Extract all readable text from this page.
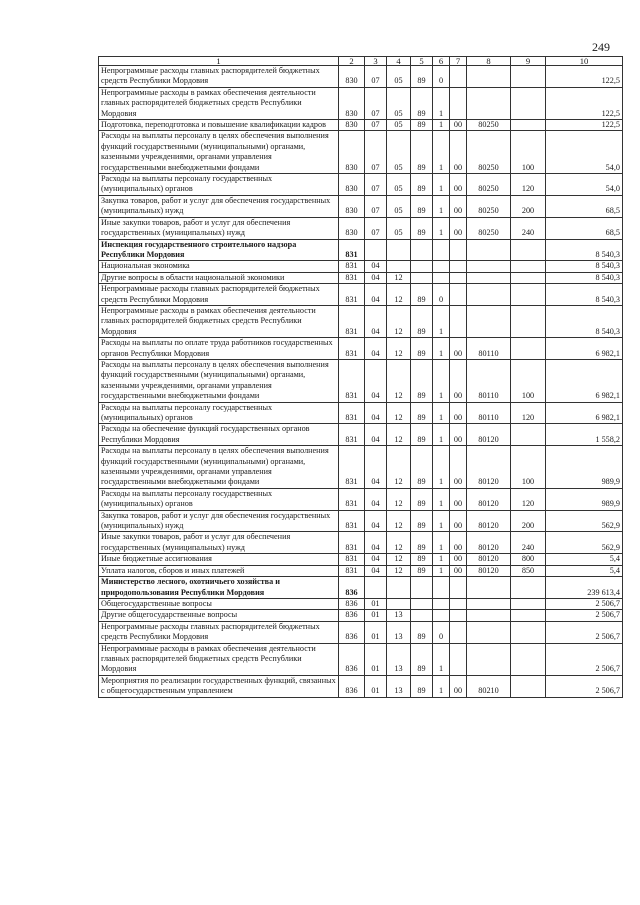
249
1	2	3	4	5	6	7	8	9	10
Непрограммные расходы главных распорядителей бюджетных средств Республики Мордовия	830	07	05	89	0				122,5
Непрограммные расходы в рамках обеспечения деятельности главных распорядителей бюджетных средств Республики Мордовия	830	07	05	89	1				122,5
Подготовка, переподготовка и повышение квалификации кадров	830	07	05	89	1	00	80250		122,5
Расходы на выплаты персоналу в целях обеспечения выполнения функций государственными (муниципальными) органами, казенными учреждениями, органами управления государственными внебюджетными фондами	830	07	05	89	1	00	80250	100	54,0
Расходы на выплаты персоналу государственных (муниципальных) органов	830	07	05	89	1	00	80250	120	54,0
Закупка товаров, работ и услуг для обеспечения государственных (муниципальных) нужд	830	07	05	89	1	00	80250	200	68,5
Иные закупки товаров, работ и услуг для обеспечения государственных (муниципальных) нужд	830	07	05	89	1	00	80250	240	68,5
Инспекция государственного строительного надзора Республики Мордовия	831								8 540,3
Национальная экономика	831	04							8 540,3
Другие вопросы в области национальной экономики	831	04	12						8 540,3
Непрограммные расходы главных распорядителей бюджетных средств Республики Мордовия	831	04	12	89	0				8 540,3
Непрограммные расходы в рамках обеспечения деятельности главных распорядителей бюджетных средств Республики Мордовия	831	04	12	89	1				8 540,3
Расходы на выплаты по оплате труда работников государственных органов Республики Мордовия	831	04	12	89	1	00	80110		6 982,1
Расходы на выплаты персоналу в целях обеспечения выполнения функций государственными (муниципальными) органами, казенными учреждениями, органами управления государственными внебюджетными фондами	831	04	12	89	1	00	80110	100	6 982,1
Расходы на выплаты персоналу государственных (муниципальных) органов	831	04	12	89	1	00	80110	120	6 982,1
Расходы на обеспечение функций государственных органов Республики Мордовия	831	04	12	89	1	00	80120		1 558,2
Расходы на выплаты персоналу в целях обеспечения выполнения функций государственными (муниципальными) органами, казенными учреждениями, органами управления государственными внебюджетными фондами	831	04	12	89	1	00	80120	100	989,9
Расходы на выплаты персоналу государственных (муниципальных) органов	831	04	12	89	1	00	80120	120	989,9
Закупка товаров, работ и услуг для обеспечения государственных (муниципальных) нужд	831	04	12	89	1	00	80120	200	562,9
Иные закупки товаров, работ и услуг для обеспечения государственных (муниципальных) нужд	831	04	12	89	1	00	80120	240	562,9
Иные бюджетные ассигнования	831	04	12	89	1	00	80120	800	5,4
Уплата налогов, сборов и иных платежей	831	04	12	89	1	00	80120	850	5,4
Министерство лесного, охотничьего хозяйства и природопользования Республики Мордовия	836								239 613,4
Общегосударственные вопросы	836	01							2 506,7
Другие общегосударственные вопросы	836	01	13						2 506,7
Непрограммные расходы главных распорядителей бюджетных средств Республики Мордовия	836	01	13	89	0				2 506,7
Непрограммные расходы в рамках обеспечения деятельности главных распорядителей бюджетных средств Республики Мордовия	836	01	13	89	1				2 506,7
Мероприятия по реализации государственных функций, связанных с общегосударственным управлением	836	01	13	89	1	00	80210		2 506,7
